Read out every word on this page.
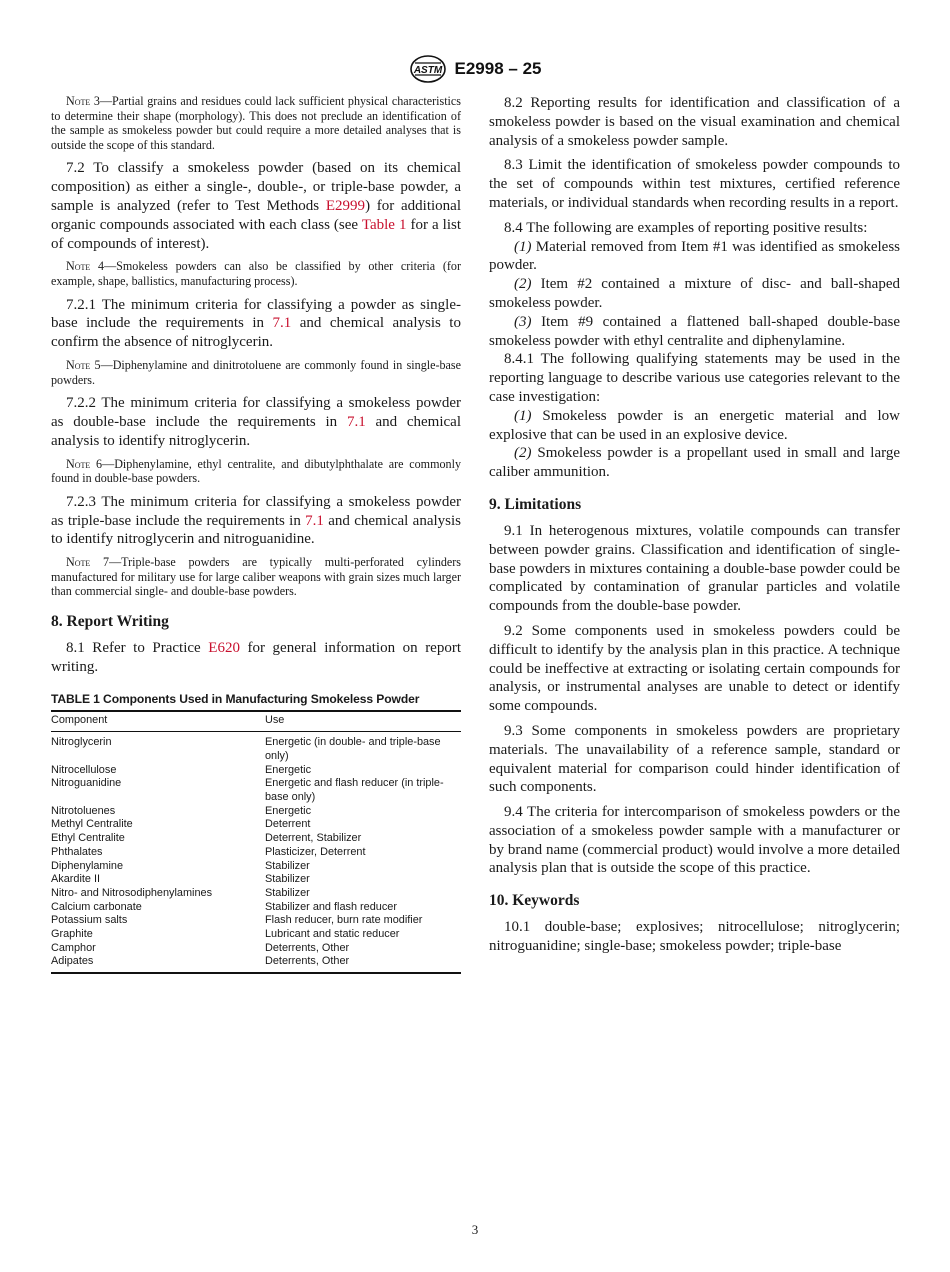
ASTM E2998 – 25

Note 3—Partial grains and residues could lack sufficient physical characteristics to determine their shape (morphology). This does not preclude an identification of the sample as smokeless powder but could require a more detailed analyses that is outside the scope of this standard.

7.2 To classify a smokeless powder (based on its chemical composition) as either a single-, double-, or triple-base powder, a sample is analyzed (refer to Test Methods E2999) for additional organic compounds associated with each class (see Table 1 for a list of compounds of interest).

Note 4—Smokeless powders can also be classified by other criteria (for example, shape, ballistics, manufacturing process).

7.2.1 The minimum criteria for classifying a powder as single-base include the requirements in 7.1 and chemical analysis to confirm the absence of nitroglycerin.

Note 5—Diphenylamine and dinitrotoluene are commonly found in single-base powders.

7.2.2 The minimum criteria for classifying a smokeless powder as double-base include the requirements in 7.1 and chemical analysis to identify nitroglycerin.

Note 6—Diphenylamine, ethyl centralite, and dibutylphthalate are commonly found in double-base powders.

7.2.3 The minimum criteria for classifying a smokeless powder as triple-base include the requirements in 7.1 and chemical analysis to identify nitroglycerin and nitroguanidine.

Note 7—Triple-base powders are typically multi-perforated cylinders manufactured for military use for large caliber weapons with grain sizes much larger than commercial single- and double-base powders.

8. Report Writing

8.1 Refer to Practice E620 for general information on report writing.

TABLE 1 Components Used in Manufacturing Smokeless Powder
Component	Use
Nitroglycerin	Energetic (in double- and triple-base only)
Nitrocellulose	Energetic
Nitroguanidine	Energetic and flash reducer (in triple-base only)
Nitrotoluenes	Energetic
Methyl Centralite	Deterrent
Ethyl Centralite	Deterrent, Stabilizer
Phthalates	Plasticizer, Deterrent
Diphenylamine	Stabilizer
Akardite II	Stabilizer
Nitro- and Nitrosodiphenylamines	Stabilizer
Calcium carbonate	Stabilizer and flash reducer
Potassium salts	Flash reducer, burn rate modifier
Graphite	Lubricant and static reducer
Camphor	Deterrents, Other
Adipates	Deterrents, Other

8.2 Reporting results for identification and classification of a smokeless powder is based on the visual examination and chemical analysis of a smokeless powder sample.

8.3 Limit the identification of smokeless powder compounds to the set of compounds within test mixtures, certified reference materials, or individual standards when recording results in a report.

8.4 The following are examples of reporting positive results:

(1) Material removed from Item #1 was identified as smokeless powder.

(2) Item #2 contained a mixture of disc- and ball-shaped smokeless powder.

(3) Item #9 contained a flattened ball-shaped double-base smokeless powder with ethyl centralite and diphenylamine.

8.4.1 The following qualifying statements may be used in the reporting language to describe various use categories relevant to the case investigation:

(1) Smokeless powder is an energetic material and low explosive that can be used in an explosive device.

(2) Smokeless powder is a propellant used in small and large caliber ammunition.

9. Limitations

9.1 In heterogenous mixtures, volatile compounds can transfer between powder grains. Classification and identification of single-base powders in mixtures containing a double-base powder could be complicated by contamination of granular particles and volatile compounds from the double-base powder.

9.2 Some components used in smokeless powders could be difficult to identify by the analysis plan in this practice. A technique could be ineffective at extracting or isolating certain compounds for analysis, or instrumental analyses are unable to detect or identify some compounds.

9.3 Some components in smokeless powders are proprietary materials. The unavailability of a reference sample, standard or equivalent material for comparison could hinder identification of such components.

9.4 The criteria for intercomparison of smokeless powders or the association of a smokeless powder sample with a manufacturer or by brand name (commercial product) would involve a more detailed analysis plan that is outside the scope of this practice.

10. Keywords

10.1 double-base; explosives; nitrocellulose; nitroglycerin; nitroguanidine; single-base; smokeless powder; triple-base

3
